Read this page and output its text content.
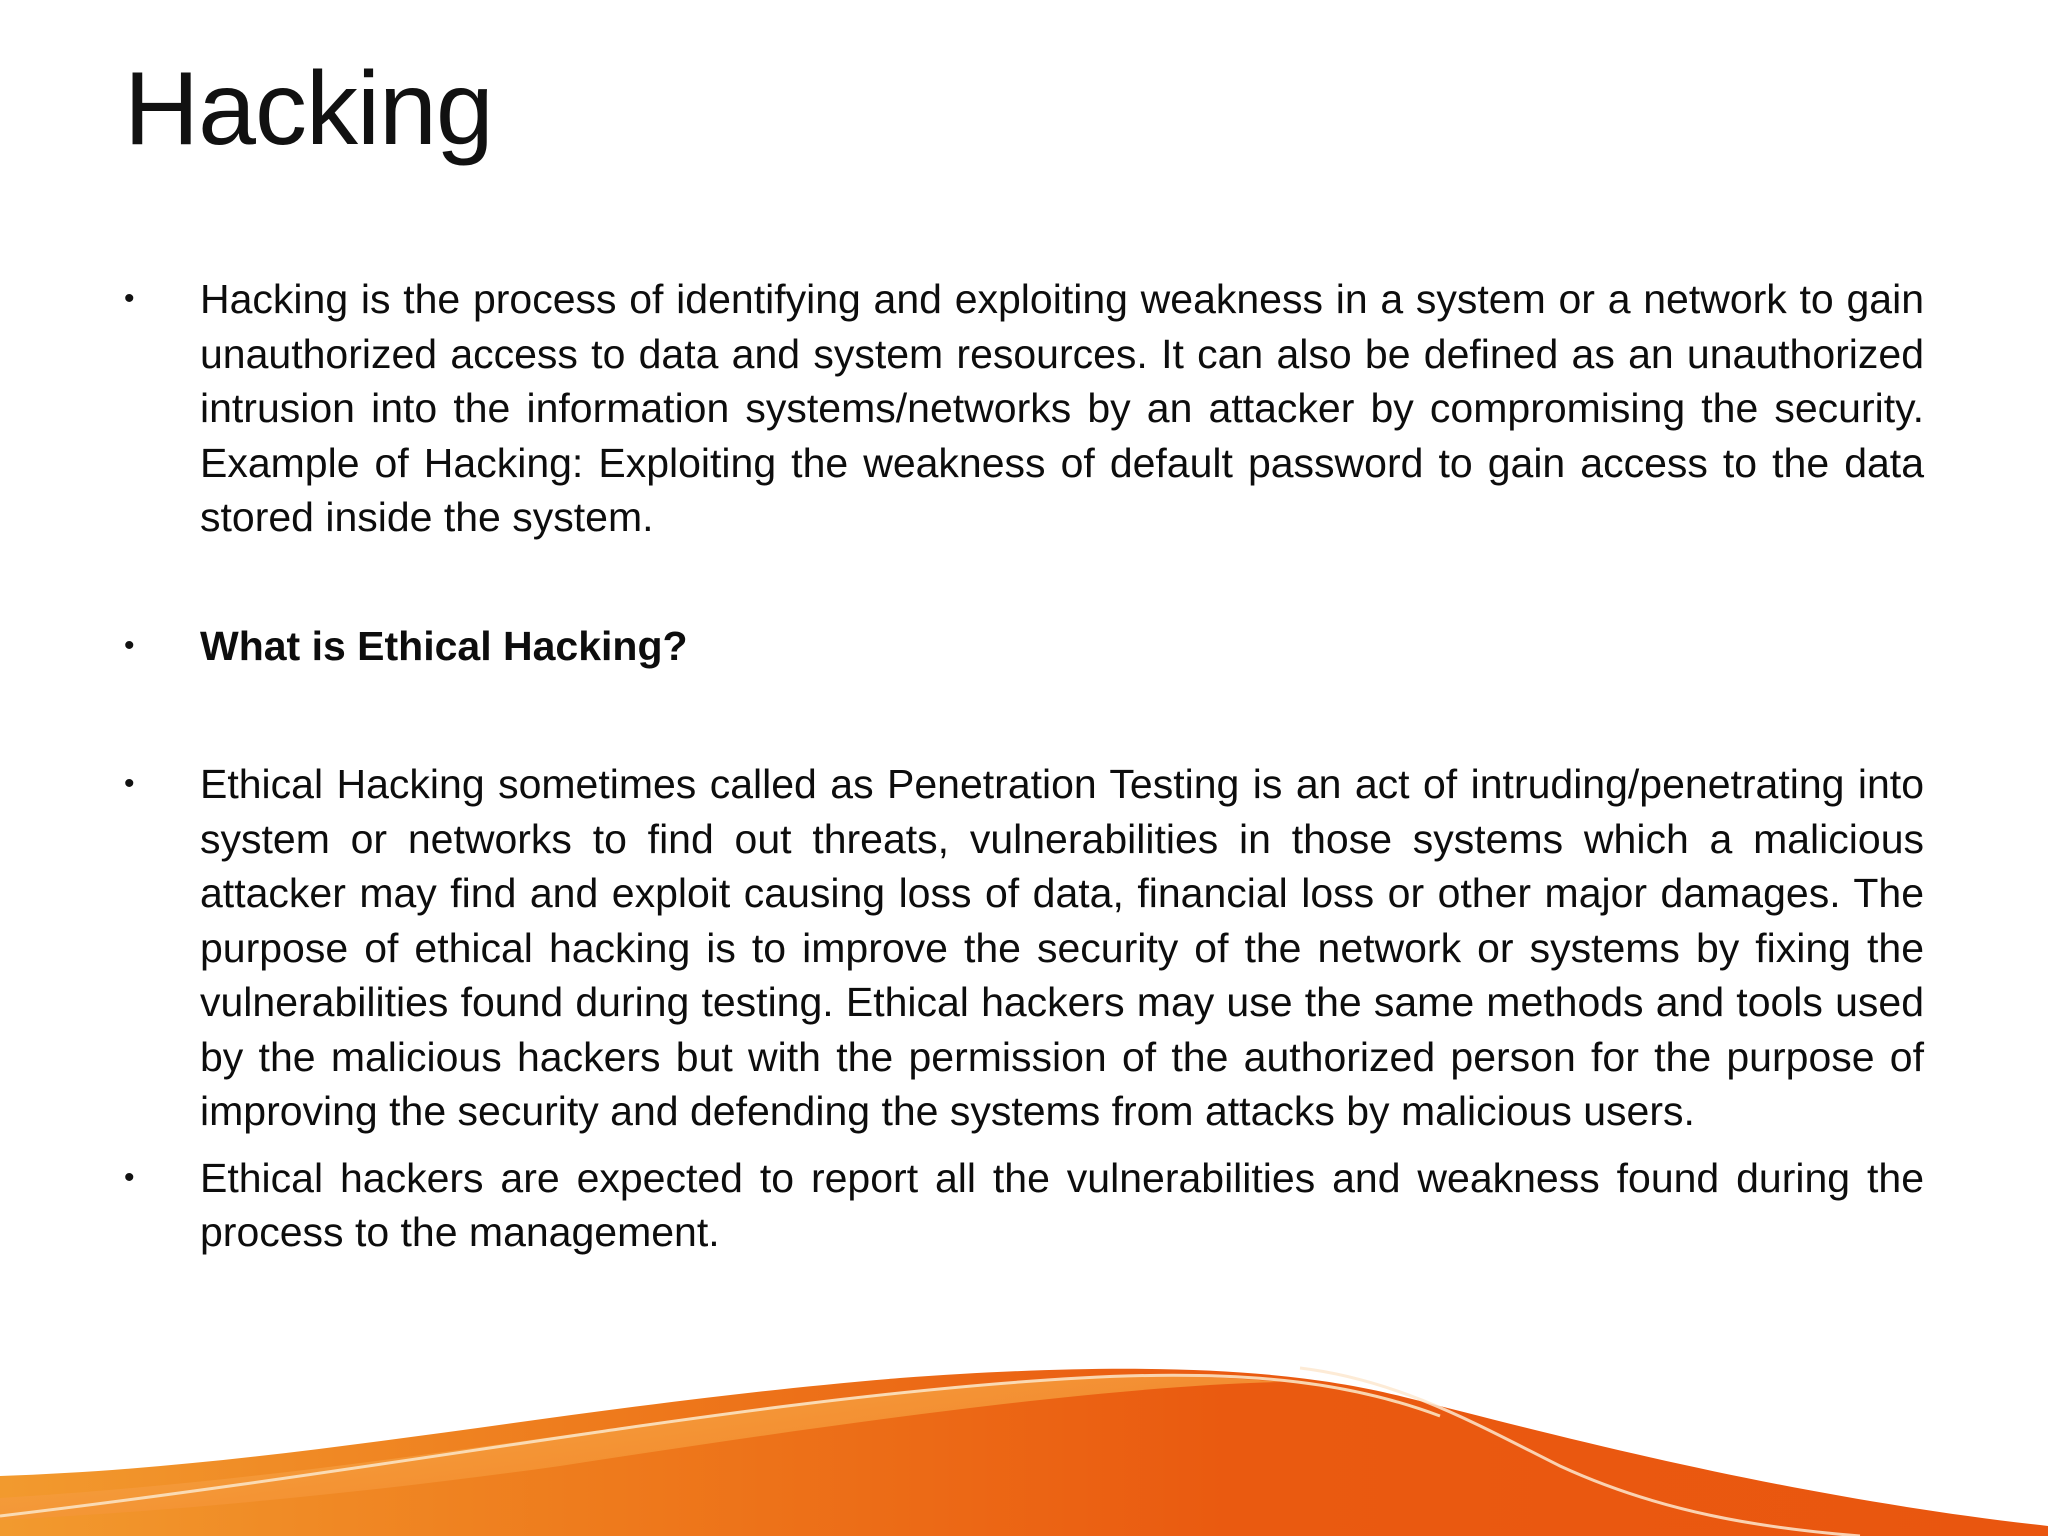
Hacking
•	Hacking is the process of identifying and exploiting weakness in a system or a network to gain unauthorized access to data and system resources. It can also be defined as an unauthorized intrusion into the information systems/networks by an attacker by compromising the security. Example of Hacking: Exploiting the weakness of default password to gain access to the data stored inside the system.
•	What is Ethical Hacking?
•	Ethical Hacking sometimes called as Penetration Testing is an act of intruding/penetrating into system or networks to find out threats, vulnerabilities in those systems which a malicious attacker may find and exploit causing loss of data, financial loss or other major damages. The purpose of ethical hacking is to improve the security of the network or systems by fixing the vulnerabilities found during testing. Ethical hackers may use the same methods and tools used by the malicious hackers but with the permission of the authorized person for the purpose of improving the security and defending the systems from attacks by malicious users.
•	Ethical hackers are expected to report all the vulnerabilities and weakness found during the process to the management.
